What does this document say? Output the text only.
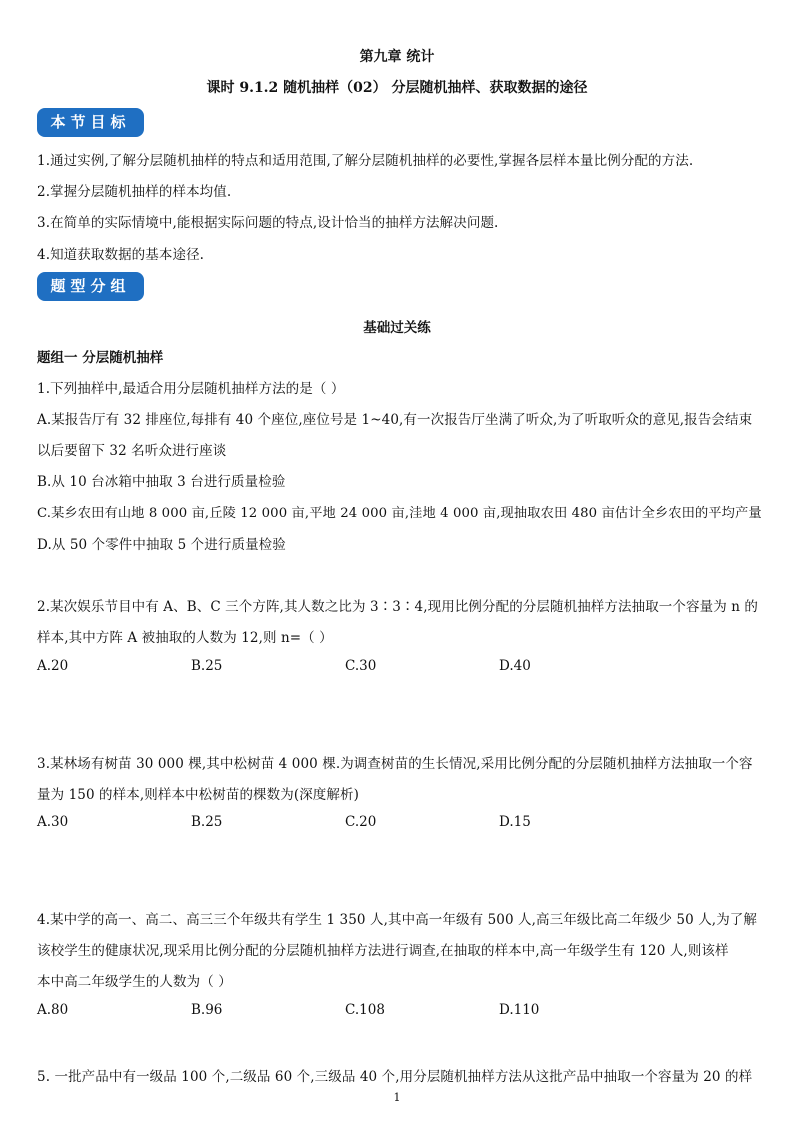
第九章 统计
课时 9.1.2 随机抽样（02） 分层随机抽样、获取数据的途径
本节目标
1.通过实例,了解分层随机抽样的特点和适用范围,了解分层随机抽样的必要性,掌握各层样本量比例分配的方法.
2.掌握分层随机抽样的样本均值.
3.在简单的实际情境中,能根据实际问题的特点,设计恰当的抽样方法解决问题.
4.知道获取数据的基本途径.
题型分组
基础过关练
题组一 分层随机抽样
1.下列抽样中,最适合用分层随机抽样方法的是（ ）
A.某报告厅有 32 排座位,每排有 40 个座位,座位号是 1~40,有一次报告厅坐满了听众,为了听取听众的意见,报告会结束
以后要留下 32 名听众进行座谈
B.从 10 台冰箱中抽取 3 台进行质量检验
C.某乡农田有山地 8 000 亩,丘陵 12 000 亩,平地 24 000 亩,洼地 4 000 亩,现抽取农田 480 亩估计全乡农田的平均产量
D.从 50 个零件中抽取 5 个进行质量检验
2.某次娱乐节目中有 A、B、C 三个方阵,其人数之比为 3∶3∶4,现用比例分配的分层随机抽样方法抽取一个容量为 n 的
样本,其中方阵 A 被抽取的人数为 12,则 n=（ ）
A.20	B.25	C.30	D.40
3.某林场有树苗 30 000 棵,其中松树苗 4 000 棵.为调查树苗的生长情况,采用比例分配的分层随机抽样方法抽取一个容
量为 150 的样本,则样本中松树苗的棵数为(深度解析)
A.30	B.25	C.20	D.15
4.某中学的高一、高二、高三三个年级共有学生 1 350 人,其中高一年级有 500 人,高三年级比高二年级少 50 人,为了解
该校学生的健康状况,现采用比例分配的分层随机抽样方法进行调查,在抽取的样本中,高一年级学生有 120 人,则该样
本中高二年级学生的人数为（ ）
A.80	B.96	C.108	D.110
5. 一批产品中有一级品 100 个,二级品 60 个,三级品 40 个,用分层随机抽样方法从这批产品中抽取一个容量为 20 的样
1
